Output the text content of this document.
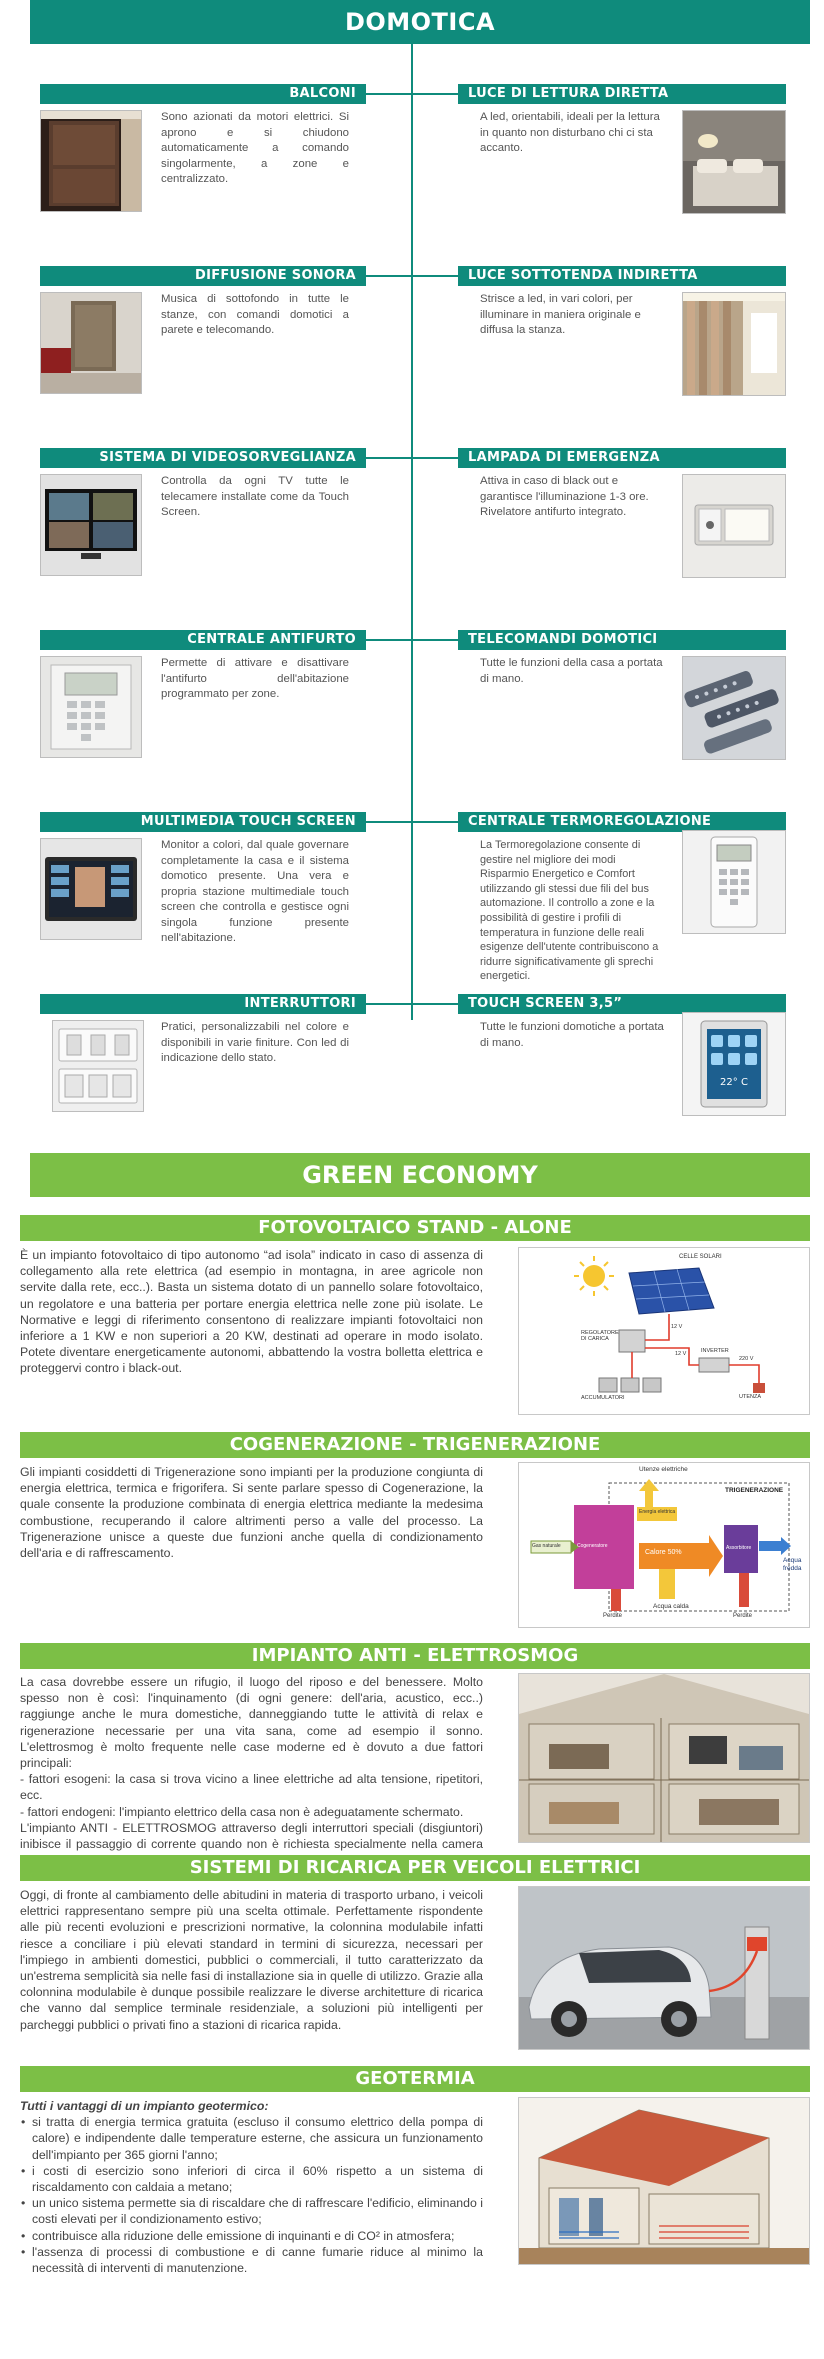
DOMOTICA
BALCONI
Sono azionati da motori elettrici. Si aprono e si chiudono automaticamente a comando singolarmente, a zone e centralizzato.
LUCE DI LETTURA DIRETTA
A led, orientabili, ideali per la lettura in quanto non disturbano chi ci sta accanto.
DIFFUSIONE SONORA
Musica di sottofondo in tutte le stanze, con comandi domotici a parete e telecomando.
LUCE SOTTOTENDA INDIRETTA
Strisce a led, in vari colori, per illuminare in maniera originale e diffusa la stanza.
SISTEMA DI VIDEOSORVEGLIANZA
Controlla da ogni TV tutte le telecamere installate come da Touch Screen.
LAMPADA DI EMERGENZA
Attiva in caso di black out e garantisce l'illuminazione 1-3 ore. Rivelatore antifurto integrato.
CENTRALE ANTIFURTO
Permette di attivare e disattivare l'antifurto dell'abitazione programmato per zone.
TELECOMANDI DOMOTICI
Tutte le funzioni della casa a portata di mano.
MULTIMEDIA TOUCH SCREEN
Monitor a colori, dal quale governare completamente la casa e il sistema domotico presente. Una vera e propria stazione multimediale touch screen che controlla e gestisce ogni singola funzione presente nell'abitazione.
CENTRALE TERMOREGOLAZIONE
La Termoregolazione consente di gestire nel migliore dei modi Risparmio Energetico e Comfort utilizzando gli stessi due fili del bus automazione. Il controllo a zone e la possibilità di gestire i profili di temperatura in funzione delle reali esigenze dell'utente contribuiscono a ridurre significativamente gli sprechi energetici.
INTERRUTTORI
Pratici, personalizzabili nel colore e disponibili in varie finiture. Con led di indicazione dello stato.
TOUCH SCREEN 3,5”
Tutte le funzioni domotiche a portata di mano.
22° C
GREEN ECONOMY
FOTOVOLTAICO STAND - ALONE
È un impianto fotovoltaico di tipo autonomo “ad isola” indicato in caso di assenza di collegamento alla rete elettrica (ad esempio in montagna, in aree agricole non servite dalla rete, ecc..). Basta un sistema dotato di un pannello solare fotovoltaico, un regolatore e una batteria per portare energia elettrica nelle zone più isolate. Le Normative e leggi di riferimento consentono di realizzare impianti fotovoltaici non inferiore a 1 KW e non superiori a 20 KW, destinati ad operare in modo isolato. Potete diventare energeticamente autonomi, abbattendo la vostra bolletta elettrica e proteggervi contro i black-out.
CELLE SOLARI
REGOLATORE DI CARICA
INVERTER
ACCUMULATORI	UTENZA
12 V
12 V
220 V
COGENERAZIONE - TRIGENERAZIONE
Gli impianti cosiddetti di Trigenerazione sono impianti per la produzione congiunta di energia elettrica, termica e frigorifera. Si sente parlare spesso di Cogenerazione, la quale consente la produzione combinata di energia elettrica mediante la medesima combustione, recuperando il calore altrimenti perso a valle del processo. La Trigenerazione unisce a queste due funzioni anche quella di condizionamento dell'aria e di raffrescamento.
Utenze elettriche
TRIGENERAZIONE
Gas naturale	Cogeneratore
Energia elettrica
Calore 50%
Assorbitore
Acqua fredda
Acqua calda
Perdite	Perdite
IMPIANTO ANTI - ELETTROSMOG
La casa dovrebbe essere un rifugio, il luogo del riposo e del benessere. Molto spesso non è così: l'inquinamento (di ogni genere: dell'aria, acustico, ecc..) raggiunge anche le mura domestiche, danneggiando tutte le attività di relax e rigenerazione necessarie per una vita sana, come ad esempio il sonno. L'elettrosmog è molto frequente nelle case moderne ed è dovuto a due fattori principali:
- fattori esogeni: la casa si trova vicino a linee elettriche ad alta tensione, ripetitori, ecc.
- fattori endogeni: l'impianto elettrico della casa non è adeguatamente schermato.
L'impianto ANTI - ELETTROSMOG attraverso degli interruttori speciali (disgiuntori) inibisce il passaggio di corrente quando non è richiesta specialmente nella camera
SISTEMI DI RICARICA PER VEICOLI ELETTRICI
Oggi, di fronte al cambiamento delle abitudini in materia di trasporto urbano, i veicoli elettrici rappresentano sempre più una scelta ottimale. Perfettamente rispondente alle più recenti evoluzioni e prescrizioni normative, la colonnina modulabile infatti riesce a conciliare i più elevati standard in termini di sicurezza, necessari per l'impiego in ambienti domestici, pubblici o commerciali, il tutto caratterizzato da un'estrema semplicità sia nelle fasi di installazione sia in quelle di utilizzo. Grazie alla colonnina modulabile è dunque possibile realizzare le diverse architetture di ricarica che vanno dal semplice terminale residenziale, a soluzioni più intelligenti per parcheggi pubblici o privati fino a stazioni di ricarica rapida.
GEOTERMIA
Tutti i vantaggi di un impianto geotermico:
• si tratta di energia termica gratuita (escluso il consumo elettrico della pompa di calore) e indipendente dalle temperature esterne, che assicura un funzionamento dell'impianto per 365 giorni l'anno;
• i costi di esercizio sono inferiori di circa il 60% rispetto a un sistema di riscaldamento con caldaia a metano;
• un unico sistema permette sia di riscaldare che di raffrescare l'edificio, eliminando i costi elevati per il condizionamento estivo;
• contribuisce alla riduzione delle emissione di inquinanti e di CO² in atmosfera;
• l'assenza di processi di combustione e di canne fumarie riduce al minimo la necessità di interventi di manutenzione.
